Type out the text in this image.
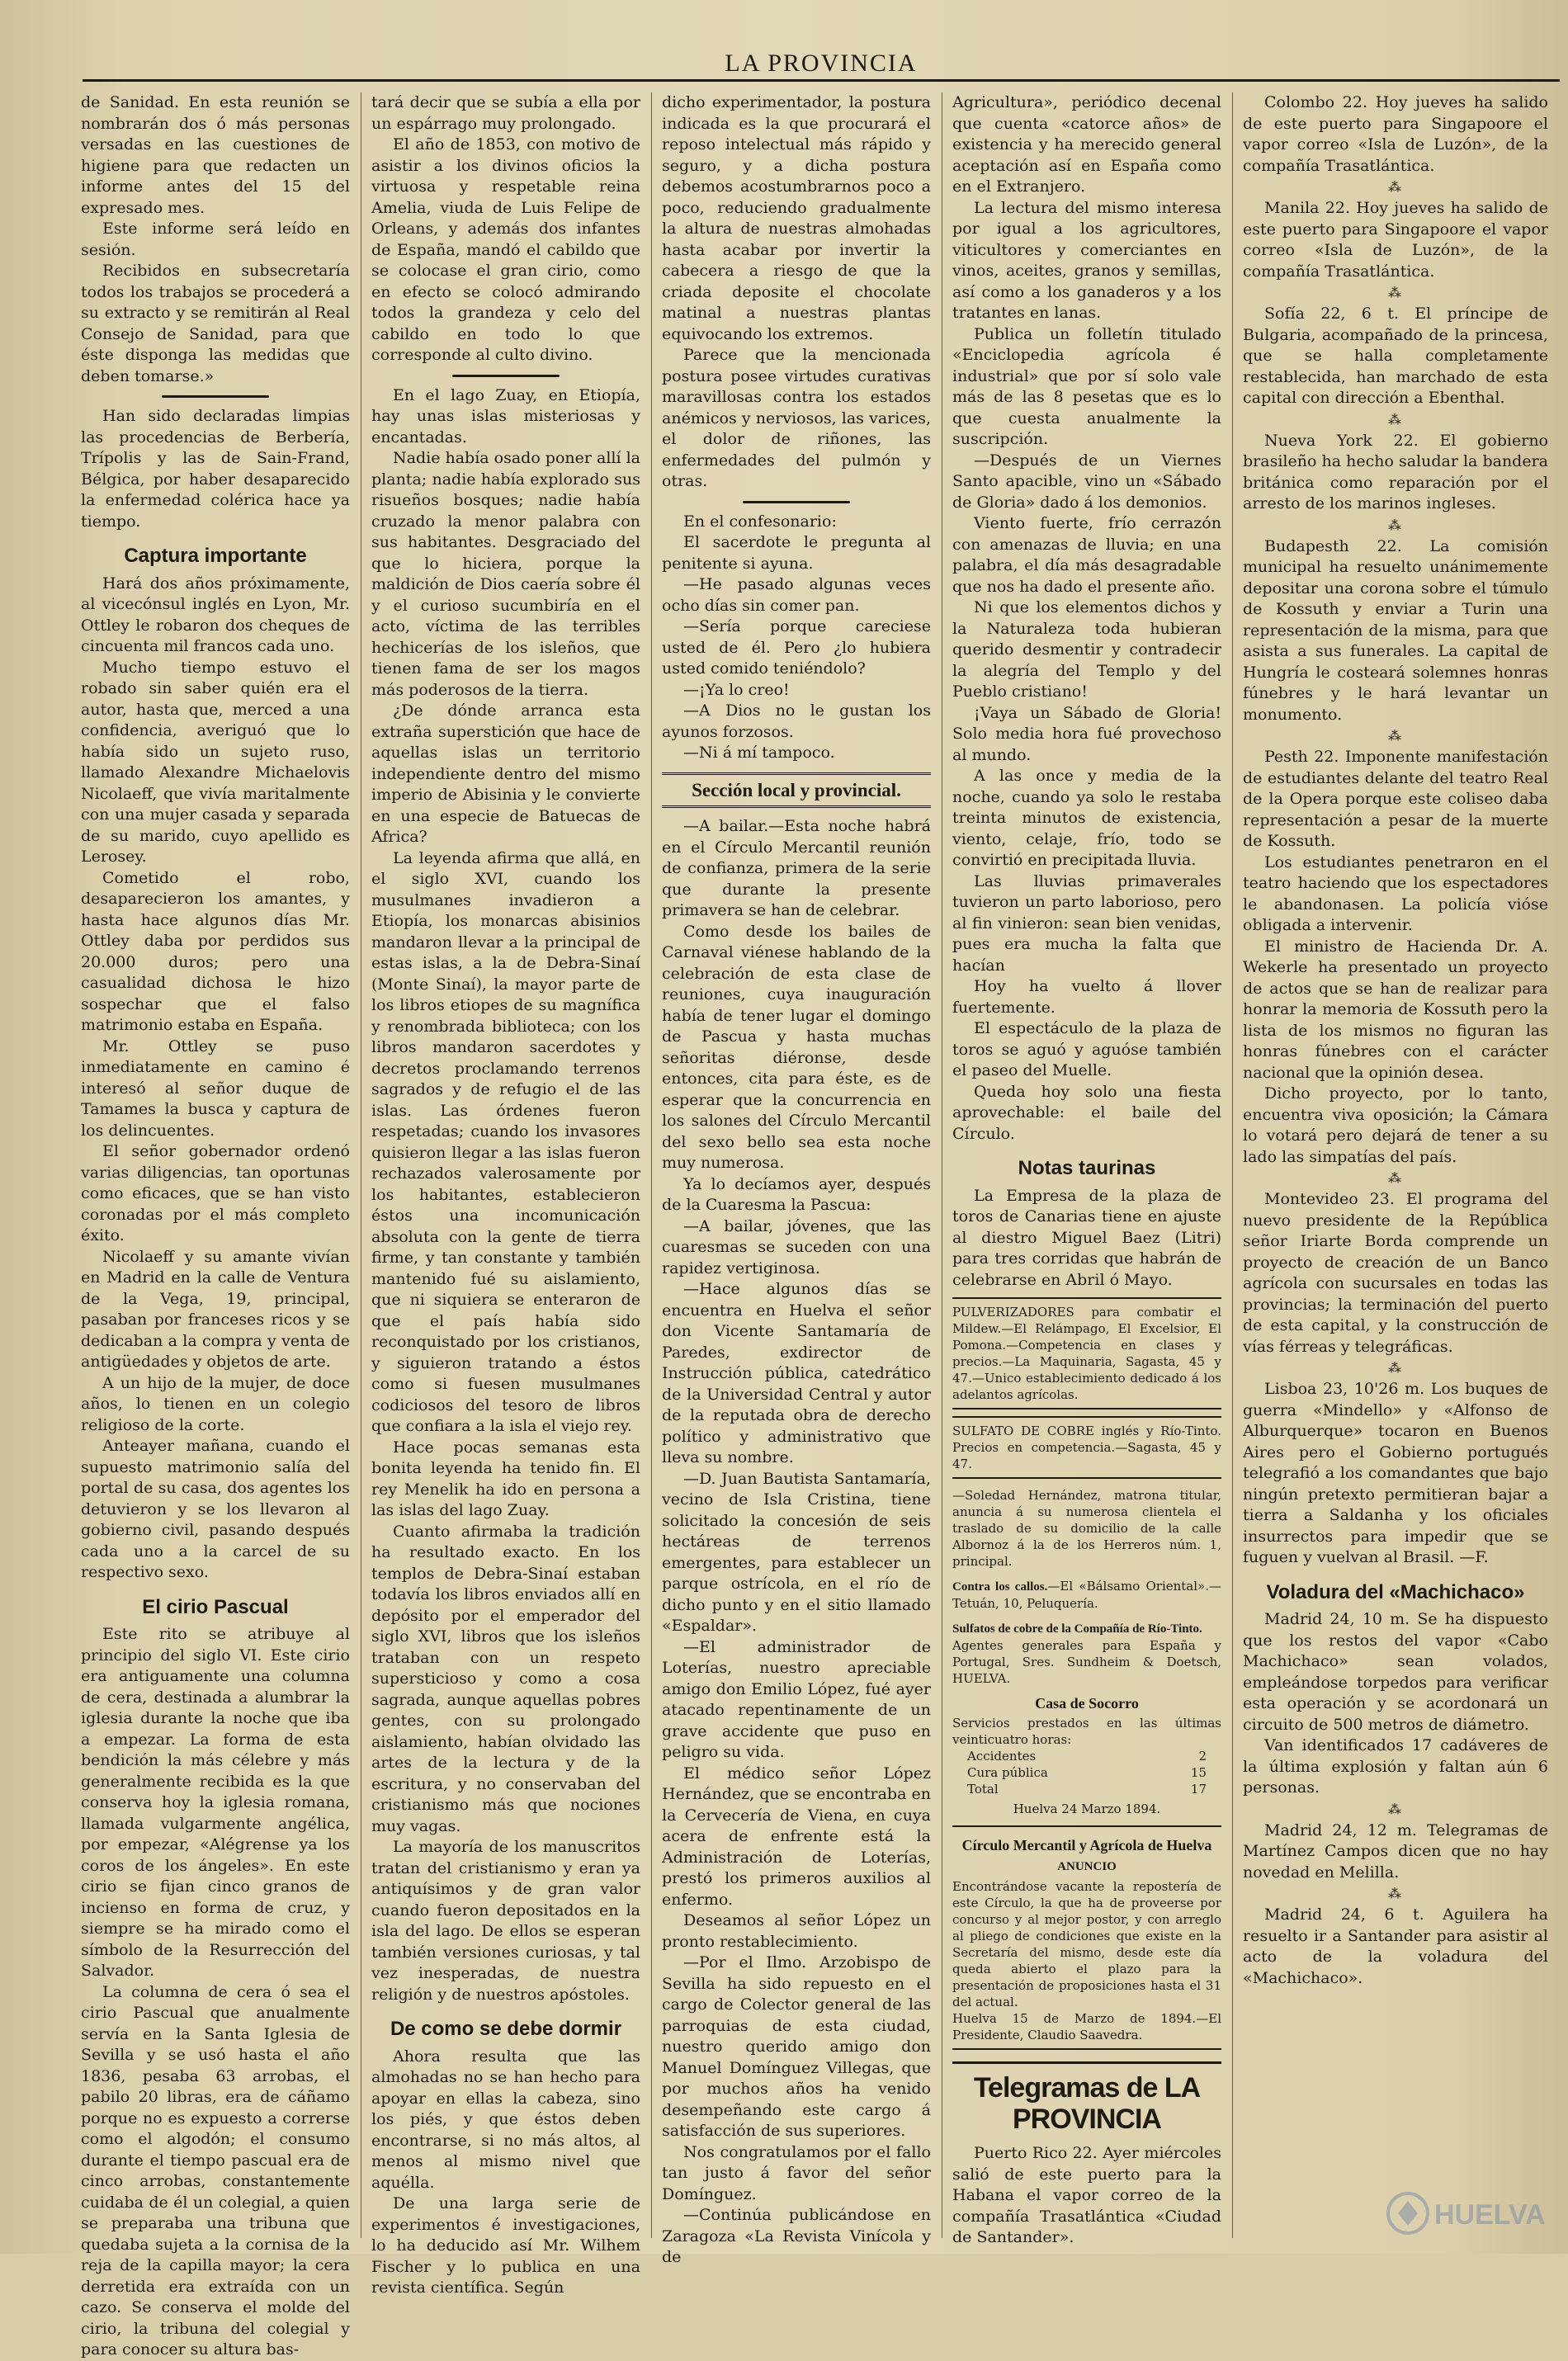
LA PROVINCIA

de Sanidad. En esta reunión se nombrarán dos ó más personas versadas en las cuestiones de higiene para que redacten un informe antes del 15 del expresado mes.

Este informe será leído en sesión.

Recibidos en subsecretaría todos los trabajos se procederá a su extracto y se remitirán al Real Consejo de Sanidad, para que éste disponga las medidas que deben tomarse.»

Han sido declaradas limpias las procedencias de Berbería, Trípolis y las de Sain-Frand, Bélgica, por haber desaparecido la enfermedad colérica hace ya tiempo.

Captura importante

Hará dos años próximamente, al vicecónsul inglés en Lyon, Mr. Ottley le robaron dos cheques de cincuenta mil francos cada uno.

Mucho tiempo estuvo el robado sin saber quién era el autor, hasta que, merced a una confidencia, averiguó que lo había sido un sujeto ruso, llamado Alexandre Michaelovis Nicolaeff, que vivía maritalmente con una mujer casada y separada de su marido, cuyo apellido es Lerosey.

Cometido el robo, desaparecieron los amantes, y hasta hace algunos días Mr. Ottley daba por perdidos sus 20.000 duros; pero una casualidad dichosa le hizo sospechar que el falso matrimonio estaba en España.

Mr. Ottley se puso inmediatamente en camino é interesó al señor duque de Tamames la busca y captura de los delincuentes.

El señor gobernador ordenó varias diligencias, tan oportunas como eficaces, que se han visto coronadas por el más completo éxito.

Nicolaeff y su amante vivían en Madrid en la calle de Ventura de la Vega, 19, principal, pasaban por franceses ricos y se dedicaban a la compra y venta de antigüedades y objetos de arte.

A un hijo de la mujer, de doce años, lo tienen en un colegio religioso de la corte.

Anteayer mañana, cuando el supuesto matrimonio salía del portal de su casa, dos agentes los detuvieron y se los llevaron al gobierno civil, pasando después cada uno a la carcel de su respectivo sexo.

El cirio Pascual

Este rito se atribuye al principio del siglo VI. Este cirio era antiguamente una columna de cera, destinada a alumbrar la iglesia durante la noche que iba a empezar. La forma de esta bendición la más célebre y más generalmente recibida es la que conserva hoy la iglesia romana, llamada vulgarmente angélica, por empezar, «Alégrense ya los coros de los ángeles». En este cirio se fijan cinco granos de incienso en forma de cruz, y siempre se ha mirado como el símbolo de la Resurrección del Salvador.

La columna de cera ó sea el cirio Pascual que anualmente servía en la Santa Iglesia de Sevilla y se usó hasta el año 1836, pesaba 63 arrobas, el pabilo 20 libras, era de cáñamo porque no es expuesto a correrse como el algodón; el consumo durante el tiempo pascual era de cinco arrobas, constantemente cuidaba de él un colegial, a quien se preparaba una tribuna que quedaba sujeta a la cornisa de la reja de la capilla mayor; la cera derretida era extraída con un cazo. Se conserva el molde del cirio, la tribuna del colegial y para conocer su altura bas-

tará decir que se subía a ella por un espárrago muy prolongado.

El año de 1853, con motivo de asistir a los divinos oficios la virtuosa y respetable reina Amelia, viuda de Luis Felipe de Orleans, y además dos infantes de España, mandó el cabildo que se colocase el gran cirio, como en efecto se colocó admirando todos la grandeza y celo del cabildo en todo lo que corresponde al culto divino.

En el lago Zuay, en Etiopía, hay unas islas misteriosas y encantadas.

Nadie había osado poner allí la planta; nadie había explorado sus risueños bosques; nadie había cruzado la menor palabra con sus habitantes. Desgraciado del que lo hiciera, porque la maldición de Dios caería sobre él y el curioso sucumbiría en el acto, víctima de las terribles hechicerías de los isleños, que tienen fama de ser los magos más poderosos de la tierra.

¿De dónde arranca esta extraña superstición que hace de aquellas islas un territorio independiente dentro del mismo imperio de Abisinia y le convierte en una especie de Batuecas de Africa?

La leyenda afirma que allá, en el siglo XVI, cuando los musulmanes invadieron a Etiopía, los monarcas abisinios mandaron llevar a la principal de estas islas, a la de Debra-Sinaí (Monte Sinaí), la mayor parte de los libros etiopes de su magnífica y renombrada biblioteca; con los libros mandaron sacerdotes y decretos proclamando terrenos sagrados y de refugio el de las islas. Las órdenes fueron respetadas; cuando los invasores quisieron llegar a las islas fueron rechazados valerosamente por los habitantes, establecieron éstos una incomunicación absoluta con la gente de tierra firme, y tan constante y también mantenido fué su aislamiento, que ni siquiera se enteraron de que el país había sido reconquistado por los cristianos, y siguieron tratando a éstos como si fuesen musulmanes codiciosos del tesoro de libros que confiara a la isla el viejo rey.

Hace pocas semanas esta bonita leyenda ha tenido fin. El rey Menelik ha ido en persona a las islas del lago Zuay.

Cuanto afirmaba la tradición ha resultado exacto. En los templos de Debra-Sinaí estaban todavía los libros enviados allí en depósito por el emperador del siglo XVI, libros que los isleños trataban con un respeto supersticioso y como a cosa sagrada, aunque aquellas pobres gentes, con su prolongado aislamiento, habían olvidado las artes de la lectura y de la escritura, y no conservaban del cristianismo más que nociones muy vagas.

La mayoría de los manuscritos tratan del cristianismo y eran ya antiquísimos y de gran valor cuando fueron depositados en la isla del lago. De ellos se esperan también versiones curiosas, y tal vez inesperadas, de nuestra religión y de nuestros apóstoles.

De como se debe dormir

Ahora resulta que las almohadas no se han hecho para apoyar en ellas la cabeza, sino los piés, y que éstos deben encontrarse, si no más altos, al menos al mismo nivel que aquélla.

De una larga serie de experimentos é investigaciones, lo ha deducido así Mr. Wilhem Fischer y lo publica en una revista científica. Según

dicho experimentador, la postura indicada es la que procurará el reposo intelectual más rápido y seguro, y a dicha postura debemos acostumbrarnos poco a poco, reduciendo gradualmente la altura de nuestras almohadas hasta acabar por invertir la cabecera a riesgo de que la criada deposite el chocolate matinal a nuestras plantas equivocando los extremos.

Parece que la mencionada postura posee virtudes curativas maravillosas contra los estados anémicos y nerviosos, las varices, el dolor de riñones, las enfermedades del pulmón y otras.

En el confesonario:

El sacerdote le pregunta al penitente si ayuna.

—He pasado algunas veces ocho días sin comer pan.

—Sería porque careciese usted de él. Pero ¿lo hubiera usted comido teniéndolo?

—¡Ya lo creo!

—A Dios no le gustan los ayunos forzosos.

—Ni á mí tampoco.

Sección local y provincial.

—A bailar.—Esta noche habrá en el Círculo Mercantil reunión de confianza, primera de la serie que durante la presente primavera se han de celebrar.

Como desde los bailes de Carnaval viénese hablando de la celebración de esta clase de reuniones, cuya inauguración había de tener lugar el domingo de Pascua y hasta muchas señoritas diéronse, desde entonces, cita para éste, es de esperar que la concurrencia en los salones del Círculo Mercantil del sexo bello sea esta noche muy numerosa.

Ya lo decíamos ayer, después de la Cuaresma la Pascua:

—A bailar, jóvenes, que las cuaresmas se suceden con una rapidez vertiginosa.

—Hace algunos días se encuentra en Huelva el señor don Vicente Santamaría de Paredes, exdirector de Instrucción pública, catedrático de la Universidad Central y autor de la reputada obra de derecho político y administrativo que lleva su nombre.

—D. Juan Bautista Santamaría, vecino de Isla Cristina, tiene solicitado la concesión de seis hectáreas de terrenos emergentes, para establecer un parque ostrícola, en el río de dicho punto y en el sitio llamado «Espaldar».

—El administrador de Loterías, nuestro apreciable amigo don Emilio López, fué ayer atacado repentinamente de un grave accidente que puso en peligro su vida.

El médico señor López Hernández, que se encontraba en la Cervecería de Viena, en cuya acera de enfrente está la Administración de Loterías, prestó los primeros auxilios al enfermo.

Deseamos al señor López un pronto restablecimiento.

—Por el Ilmo. Arzobispo de Sevilla ha sido repuesto en el cargo de Colector general de las parroquias de esta ciudad, nuestro querido amigo don Manuel Domínguez Villegas, que por muchos años ha venido desempeñando este cargo á satisfacción de sus superiores.

Nos congratulamos por el fallo tan justo á favor del señor Domínguez.

—Continúa publicándose en Zaragoza «La Revista Vinícola y de

Agricultura», periódico decenal que cuenta «catorce años» de existencia y ha merecido general aceptación así en España como en el Extranjero.

La lectura del mismo interesa por igual a los agricultores, viticultores y comerciantes en vinos, aceites, granos y semillas, así como a los ganaderos y a los tratantes en lanas.

Publica un folletín titulado «Enciclopedia agrícola é industrial» que por sí solo vale más de las 8 pesetas que es lo que cuesta anualmente la suscripción.

—Después de un Viernes Santo apacible, vino un «Sábado de Gloria» dado á los demonios.

Viento fuerte, frío cerrazón con amenazas de lluvia; en una palabra, el día más desagradable que nos ha dado el presente año.

Ni que los elementos dichos y la Naturaleza toda hubieran querido desmentir y contradecir la alegría del Templo y del Pueblo cristiano!

¡Vaya un Sábado de Gloria! Solo media hora fué provechoso al mundo.

A las once y media de la noche, cuando ya solo le restaba treinta minutos de existencia, viento, celaje, frío, todo se convirtió en precipitada lluvia.

Las lluvias primaverales tuvieron un parto laborioso, pero al fin vinieron: sean bien venidas, pues era mucha la falta que hacían

Hoy ha vuelto á llover fuertemente.

El espectáculo de la plaza de toros se aguó y aguóse también el paseo del Muelle.

Queda hoy solo una fiesta aprovechable: el baile del Círculo.

Notas taurinas

La Empresa de la plaza de toros de Canarias tiene en ajuste al diestro Miguel Baez (Litri) para tres corridas que habrán de celebrarse en Abril ó Mayo.

PULVERIZADORES para combatir el Mildew.—El Relámpago, El Excelsior, El Pomona.—Competencia en clases y precios.—La Maquinaria, Sagasta, 45 y 47.—Unico establecimiento dedicado á los adelantos agrícolas.

SULFATO DE COBRE inglés y Río-Tinto. Precios en competencia.—Sagasta, 45 y 47.

—Soledad Hernández, matrona titular, anuncia á su numerosa clientela el traslado de su domicilio de la calle Albornoz á la de los Herreros núm. 1, principal.

Contra los callos.—El «Bálsamo Oriental».—Tetuán, 10, Peluquería.

Sulfatos de cobre de la Compañía de Río-Tinto.

Agentes generales para España y Portugal, Sres. Sundheim & Doetsch, HUELVA.

Casa de Socorro

Servicios prestados en las últimas veinticuatro horas:

Accidentes	2
Cura pública	15
Total	17
Huelva 24 Marzo 1894.
Círculo Mercantil y Agrícola de Huelva
ANUNCIO

Encontrándose vacante la repostería de este Círculo, la que ha de proveerse por concurso y al mejor postor, y con arreglo al pliego de condiciones que existe en la Secretaría del mismo, desde este día queda abierto el plazo para la presentación de proposiciones hasta el 31 del actual.

Huelva 15 de Marzo de 1894.—El Presidente, Claudio Saavedra.

Telegramas de LA PROVINCIA

Puerto Rico 22. Ayer miércoles salió de este puerto para la Habana el vapor correo de la compañía Trasatlántica «Ciudad de Santander».

Colombo 22. Hoy jueves ha salido de este puerto para Singapoore el vapor correo «Isla de Luzón», de la compañía Trasatlántica.

⁂

Manila 22. Hoy jueves ha salido de este puerto para Singapoore el vapor correo «Isla de Luzón», de la compañía Trasatlántica.

⁂

Sofía 22, 6 t. El príncipe de Bulgaria, acompañado de la princesa, que se halla completamente restablecida, han marchado de esta capital con dirección a Ebenthal.

⁂

Nueva York 22. El gobierno brasileño ha hecho saludar la bandera británica como reparación por el arresto de los marinos ingleses.

⁂

Budapesth 22. La comisión municipal ha resuelto unánimemente depositar una corona sobre el túmulo de Kossuth y enviar a Turin una representación de la misma, para que asista a sus funerales. La capital de Hungría le costeará solemnes honras fúnebres y le hará levantar un monumento.

⁂

Pesth 22. Imponente manifestación de estudiantes delante del teatro Real de la Opera porque este coliseo daba representación a pesar de la muerte de Kossuth.

Los estudiantes penetraron en el teatro haciendo que los espectadores le abandonasen. La policía vióse obligada a intervenir.

El ministro de Hacienda Dr. A. Wekerle ha presentado un proyecto de actos que se han de realizar para honrar la memoria de Kossuth pero la lista de los mismos no figuran las honras fúnebres con el carácter nacional que la opinión desea.

Dicho proyecto, por lo tanto, encuentra viva oposición; la Cámara lo votará pero dejará de tener a su lado las simpatías del país.

⁂

Montevideo 23. El programa del nuevo presidente de la República señor Iriarte Borda comprende un proyecto de creación de un Banco agrícola con sucursales en todas las provincias; la terminación del puerto de esta capital, y la construcción de vías férreas y telegráficas.

⁂

Lisboa 23, 10'26 m. Los buques de guerra «Mindello» y «Alfonso de Alburquerque» tocaron en Buenos Aires pero el Gobierno portugués telegrafió a los comandantes que bajo ningún pretexto permitieran bajar a tierra a Saldanha y los oficiales insurrectos para impedir que se fuguen y vuelvan al Brasil. —F.

Voladura del «Machichaco»

Madrid 24, 10 m. Se ha dispuesto que los restos del vapor «Cabo Machichaco» sean volados, empleándose torpedos para verificar esta operación y se acordonará un circuito de 500 metros de diámetro.

Van identificados 17 cadáveres de la última explosión y faltan aún 6 personas.

⁂

Madrid 24, 12 m. Telegramas de Martínez Campos dicen que no hay novedad en Melilla.

⁂

Madrid 24, 6 t. Aguilera ha resuelto ir a Santander para asistir al acto de la voladura del «Machichaco».

HUELVA
